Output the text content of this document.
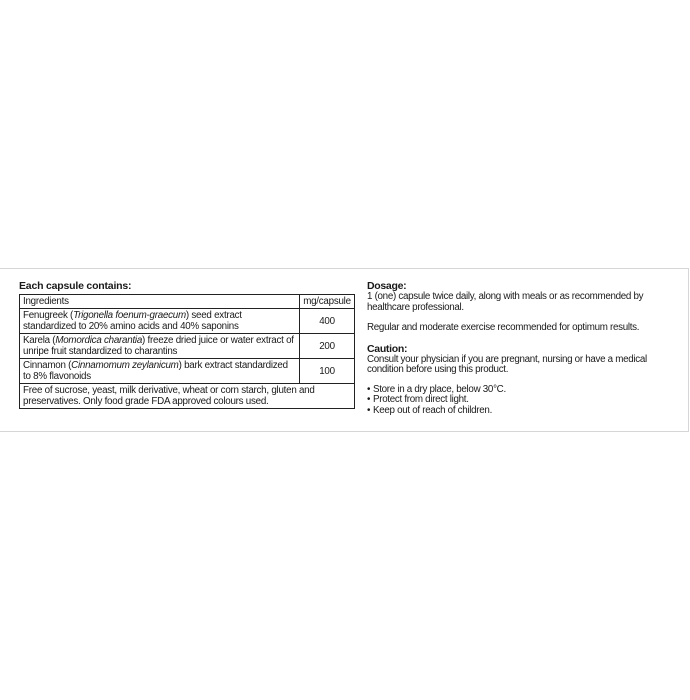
Each capsule contains:
Ingredients	mg/capsule
Fenugreek (Trigonella foenum-graecum) seed extract standardized to 20% amino acids and 40% saponins	400
Karela (Momordica charantia) freeze dried juice or water extract of unripe fruit standardized to charantins	200
Cinnamon (Cinnamomum zeylanicum) bark extract standardized to 8% flavonoids	100
Free of sucrose, yeast, milk derivative, wheat or corn starch, gluten and preservatives. Only food grade FDA approved colours used.	

Dosage:

1 (one) capsule twice daily, along with meals or as recommended by healthcare professional.

Regular and moderate exercise recommended for optimum results.

Caution:

Consult your physician if you are pregnant, nursing or have a medical condition before using this product.

• Store in a dry place, below 30°C.
• Protect from direct light.
• Keep out of reach of children.
